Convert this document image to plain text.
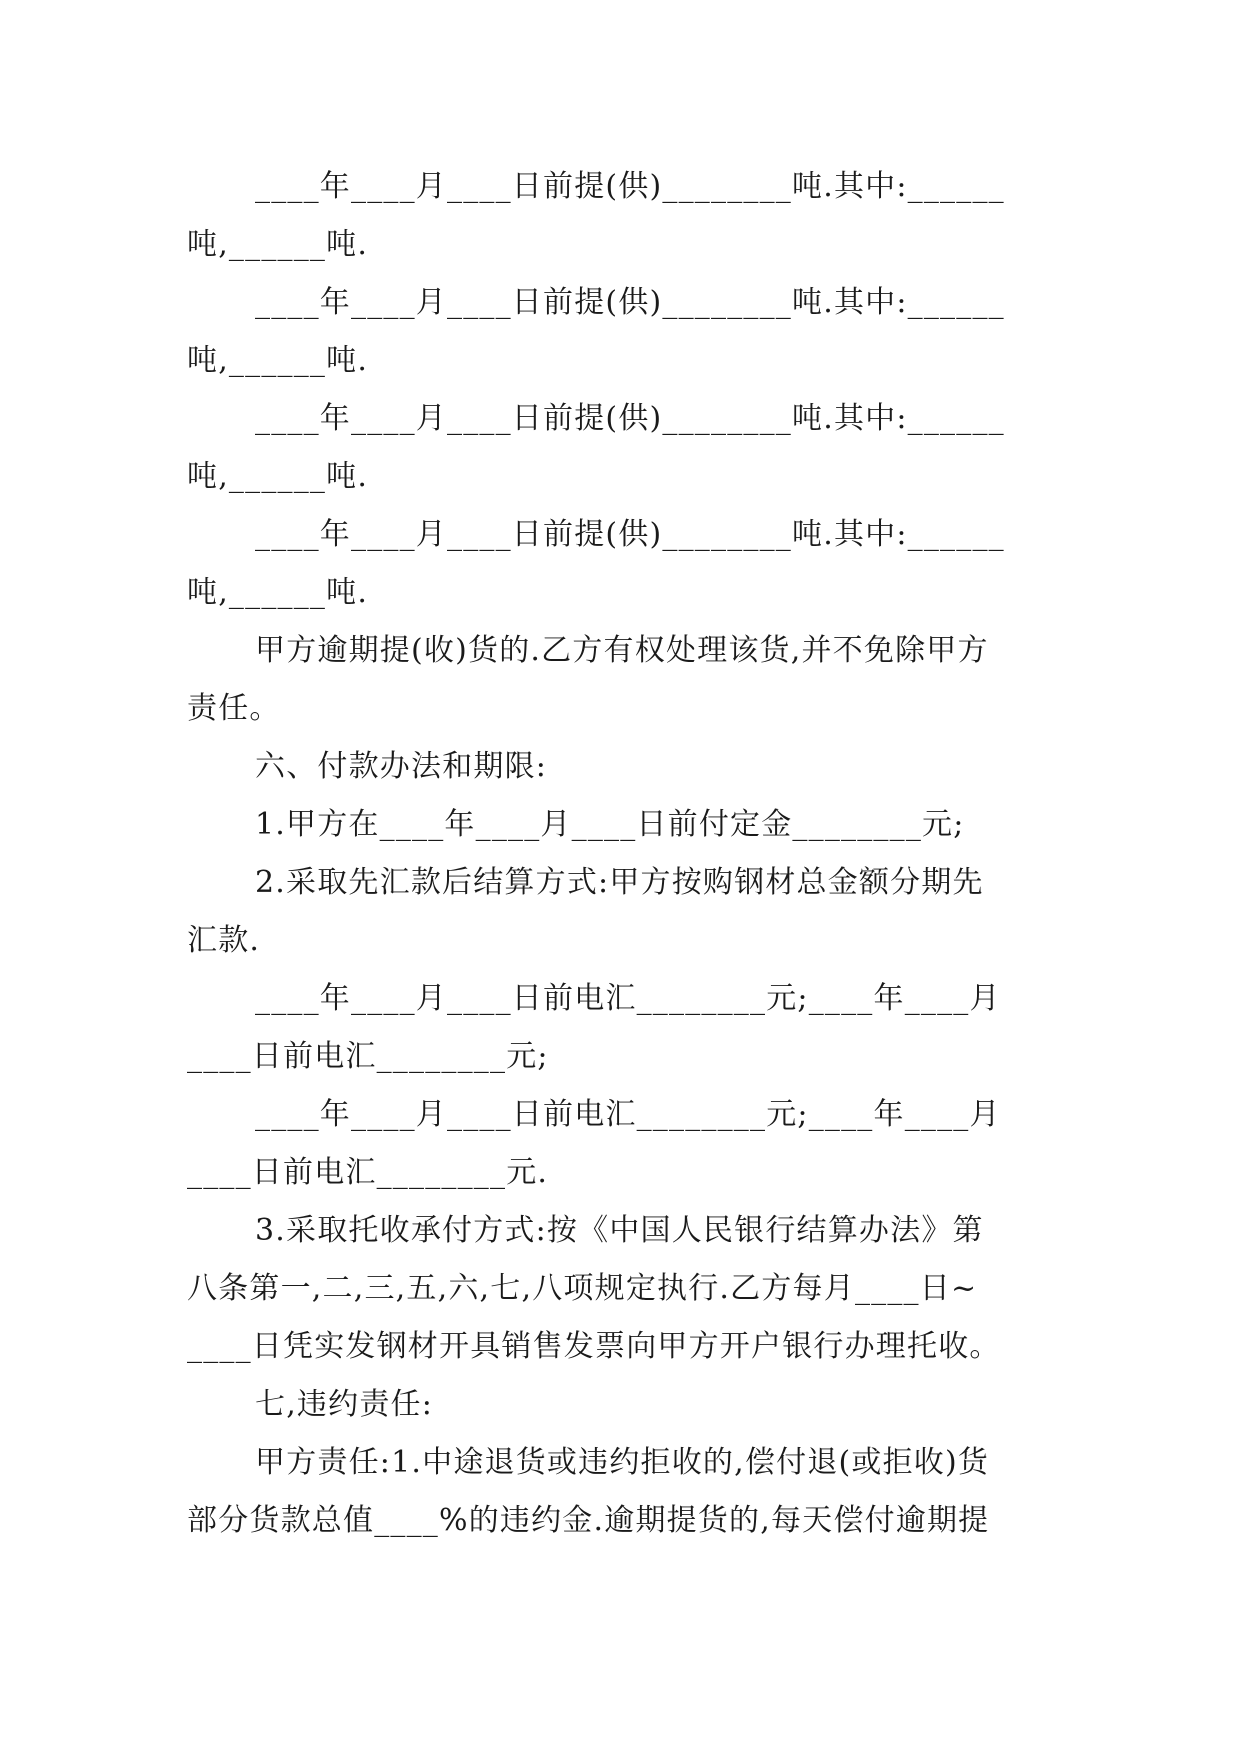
____年____月____日前提(供)________吨.其中:______

吨,______吨.

____年____月____日前提(供)________吨.其中:______

吨,______吨.

____年____月____日前提(供)________吨.其中:______

吨,______吨.

____年____月____日前提(供)________吨.其中:______

吨,______吨.

甲方逾期提(收)货的.乙方有权处理该货,并不免除甲方

责任。

六、付款办法和期限:

1.甲方在____年____月____日前付定金________元;

2.采取先汇款后结算方式:甲方按购钢材总金额分期先

汇款.

____年____月____日前电汇________元;____年____月

____日前电汇________元;

____年____月____日前电汇________元;____年____月

____日前电汇________元.

3.采取托收承付方式:按《中国人民银行结算办法》第

八条第一,二,三,五,六,七,八项规定执行.乙方每月____日~

____日凭实发钢材开具销售发票向甲方开户银行办理托收。

七,违约责任:

甲方责任:1.中途退货或违约拒收的,偿付退(或拒收)货

部分货款总值____%的违约金.逾期提货的,每天偿付逾期提
